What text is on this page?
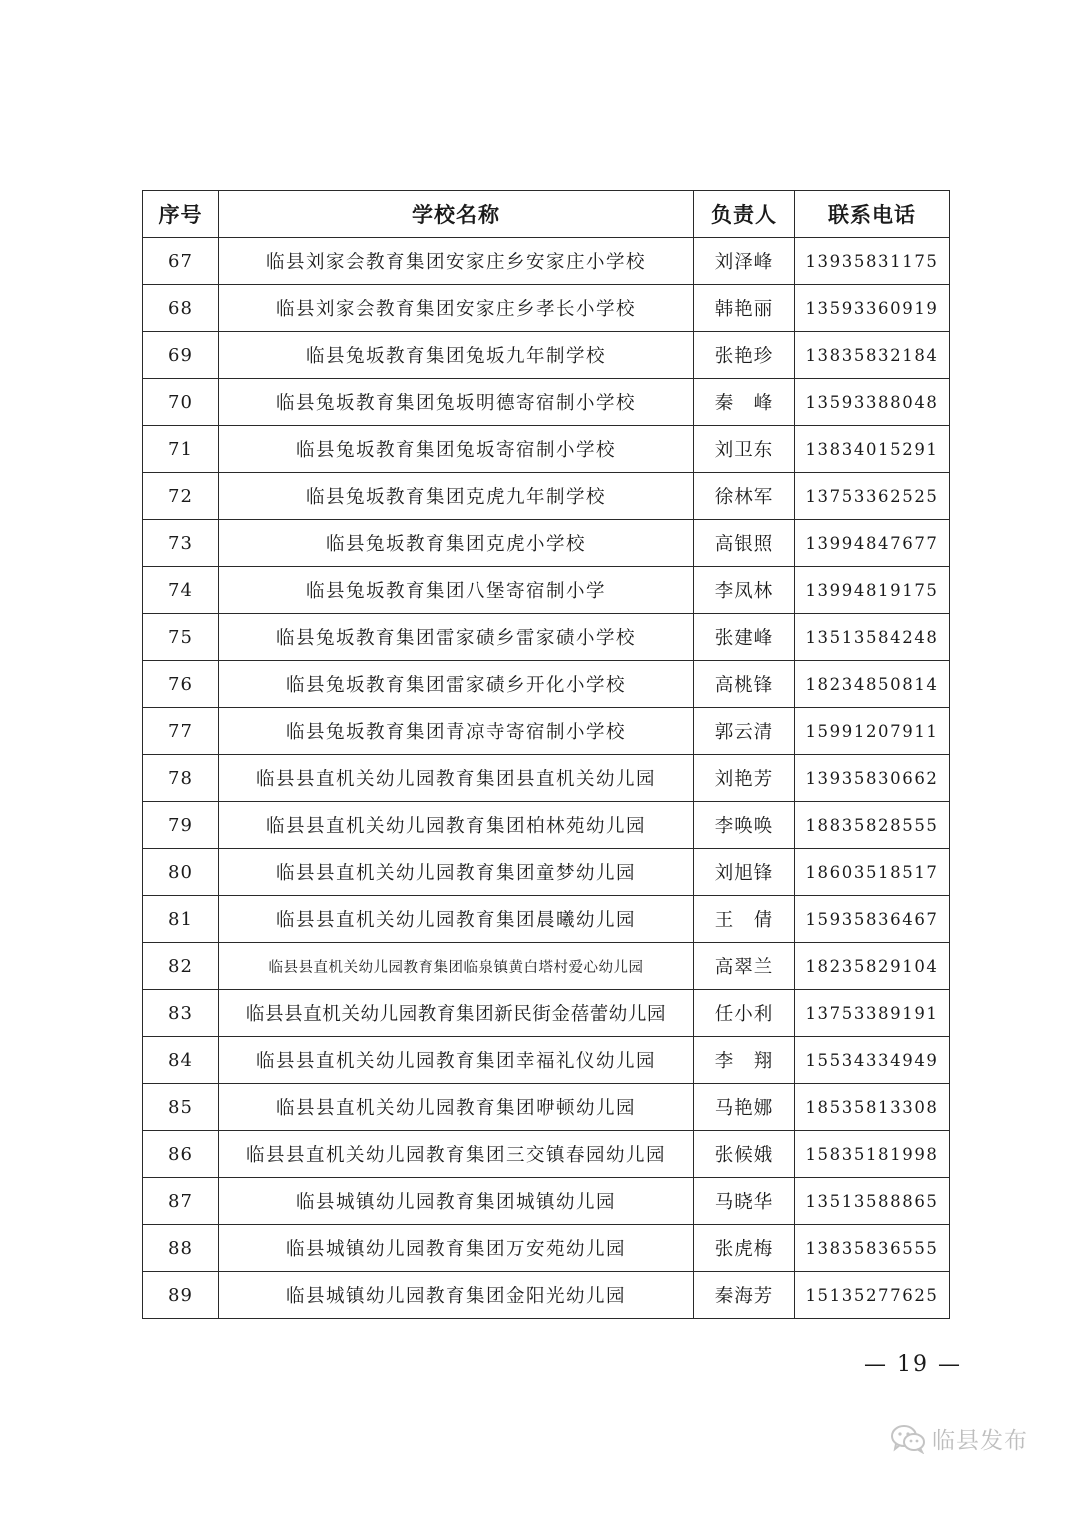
序号	学校名称	负责人	联系电话
67	临县刘家会教育集团安家庄乡安家庄小学校	刘泽峰	13935831175
68	临县刘家会教育集团安家庄乡孝长小学校	韩艳丽	13593360919
69	临县兔坂教育集团兔坂九年制学校	张艳珍	13835832184
70	临县兔坂教育集团兔坂明德寄宿制小学校	秦　峰	13593388048
71	临县兔坂教育集团兔坂寄宿制小学校	刘卫东	13834015291
72	临县兔坂教育集团克虎九年制学校	徐林军	13753362525
73	临县兔坂教育集团克虎小学校	高银照	13994847677
74	临县兔坂教育集团八堡寄宿制小学	李凤林	13994819175
75	临县兔坂教育集团雷家碛乡雷家碛小学校	张建峰	13513584248
76	临县兔坂教育集团雷家碛乡开化小学校	高桃锋	18234850814
77	临县兔坂教育集团青凉寺寄宿制小学校	郭云清	15991207911
78	临县县直机关幼儿园教育集团县直机关幼儿园	刘艳芳	13935830662
79	临县县直机关幼儿园教育集团柏林苑幼儿园	李唤唤	18835828555
80	临县县直机关幼儿园教育集团童梦幼儿园	刘旭锋	18603518517
81	临县县直机关幼儿园教育集团晨曦幼儿园	王　倩	15935836467
82	临县县直机关幼儿园教育集团临泉镇黄白塔村爱心幼儿园	高翠兰	18235829104
83	临县县直机关幼儿园教育集团新民街金蓓蕾幼儿园	任小利	13753389191
84	临县县直机关幼儿园教育集团幸福礼仪幼儿园	李　翔	15534334949
85	临县县直机关幼儿园教育集团咿顿幼儿园	马艳娜	18535813308
86	临县县直机关幼儿园教育集团三交镇春园幼儿园	张候娥	15835181998
87	临县城镇幼儿园教育集团城镇幼儿园	马晓华	13513588865
88	临县城镇幼儿园教育集团万安苑幼儿园	张虎梅	13835836555
89	临县城镇幼儿园教育集团金阳光幼儿园	秦海芳	15135277625
— 19 —
临县发布
